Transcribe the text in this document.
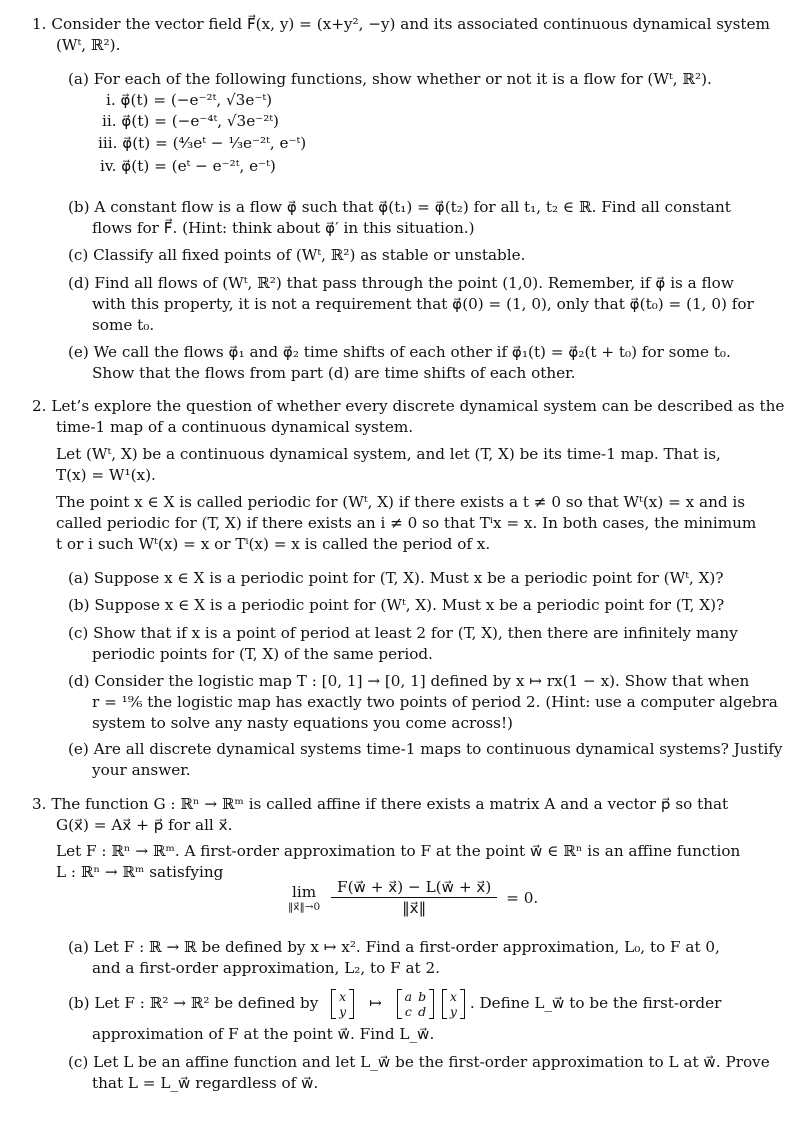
1. Consider the vector field F⃗(x, y) = (x+y², −y) and its associated continuous dynamical system
(Wᵗ, ℝ²).
(a) For each of the following functions, show whether or not it is a flow for (Wᵗ, ℝ²).
i. φ⃗(t) = (−e⁻²ᵗ, √3e⁻ᵗ)
ii. φ⃗(t) = (−e⁻⁴ᵗ, √3e⁻²ᵗ)
iii. φ⃗(t) = (⁴⁄₃eᵗ − ¹⁄₃e⁻²ᵗ, e⁻ᵗ)
iv. φ⃗(t) = (eᵗ − e⁻²ᵗ, e⁻ᵗ)
(b) A constant flow is a flow φ⃗ such that φ⃗(t₁) = φ⃗(t₂) for all t₁, t₂ ∈ ℝ. Find all constant
flows for F⃗. (Hint: think about φ⃗′ in this situation.)
(c) Classify all fixed points of (Wᵗ, ℝ²) as stable or unstable.
(d) Find all flows of (Wᵗ, ℝ²) that pass through the point (1,0). Remember, if φ⃗ is a flow
with this property, it is not a requirement that φ⃗(0) = (1, 0), only that φ⃗(t₀) = (1, 0) for
some t₀.
(e) We call the flows φ⃗₁ and φ⃗₂ time shifts of each other if φ⃗₁(t) = φ⃗₂(t + t₀) for some t₀.
Show that the flows from part (d) are time shifts of each other.
2. Let’s explore the question of whether every discrete dynamical system can be described as the
time-1 map of a continuous dynamical system.
Let (Wᵗ, X) be a continuous dynamical system, and let (T, X) be its time-1 map. That is,
T(x) = W¹(x).
The point x ∈ X is called periodic for (Wᵗ, X) if there exists a t ≠ 0 so that Wᵗ(x) = x and is
called periodic for (T, X) if there exists an i ≠ 0 so that Tⁱx = x. In both cases, the minimum
t or i such Wᵗ(x) = x or Tⁱ(x) = x is called the period of x.
(a) Suppose x ∈ X is a periodic point for (T, X). Must x be a periodic point for (Wᵗ, X)?
(b) Suppose x ∈ X is a periodic point for (Wᵗ, X). Must x be a periodic point for (T, X)?
(c) Show that if x is a point of period at least 2 for (T, X), then there are infinitely many
periodic points for (T, X) of the same period.
(d) Consider the logistic map T : [0, 1] → [0, 1] defined by x ↦ rx(1 − x). Show that when
r = ¹⁹⁄₆ the logistic map has exactly two points of period 2. (Hint: use a computer algebra
system to solve any nasty equations you come across!)
(e) Are all discrete dynamical systems time-1 maps to continuous dynamical systems? Justify
your answer.
3. The function G : ℝⁿ → ℝᵐ is called affine if there exists a matrix A and a vector p⃗ so that
G(x⃗) = Ax⃗ + p⃗ for all x⃗.
Let F : ℝⁿ → ℝᵐ. A first-order approximation to F at the point w⃗ ∈ ℝⁿ is an affine function
L : ℝⁿ → ℝᵐ satisfying
lim
‖x⃗‖→0
$\frac{F(w⃗ + x⃗) - L(w⃗ + x⃗)}{‖x⃗‖} = 0$.
(a) Let F : ℝ → ℝ be defined by x ↦ x². Find a first-order approximation, L₀, to F at 0,
and a first-order approximation, L₂, to F at 2.
(b) Let F : ℝ² → ℝ² be defined by x
y ↦ a	b
c	d

x
y . Define L_w⃗ to be the first-order
approximation of F at the point w⃗. Find L_w⃗.
(c) Let L be an affine function and let L_w⃗ be the first-order approximation to L at w⃗. Prove
that L = L_w⃗ regardless of w⃗.
